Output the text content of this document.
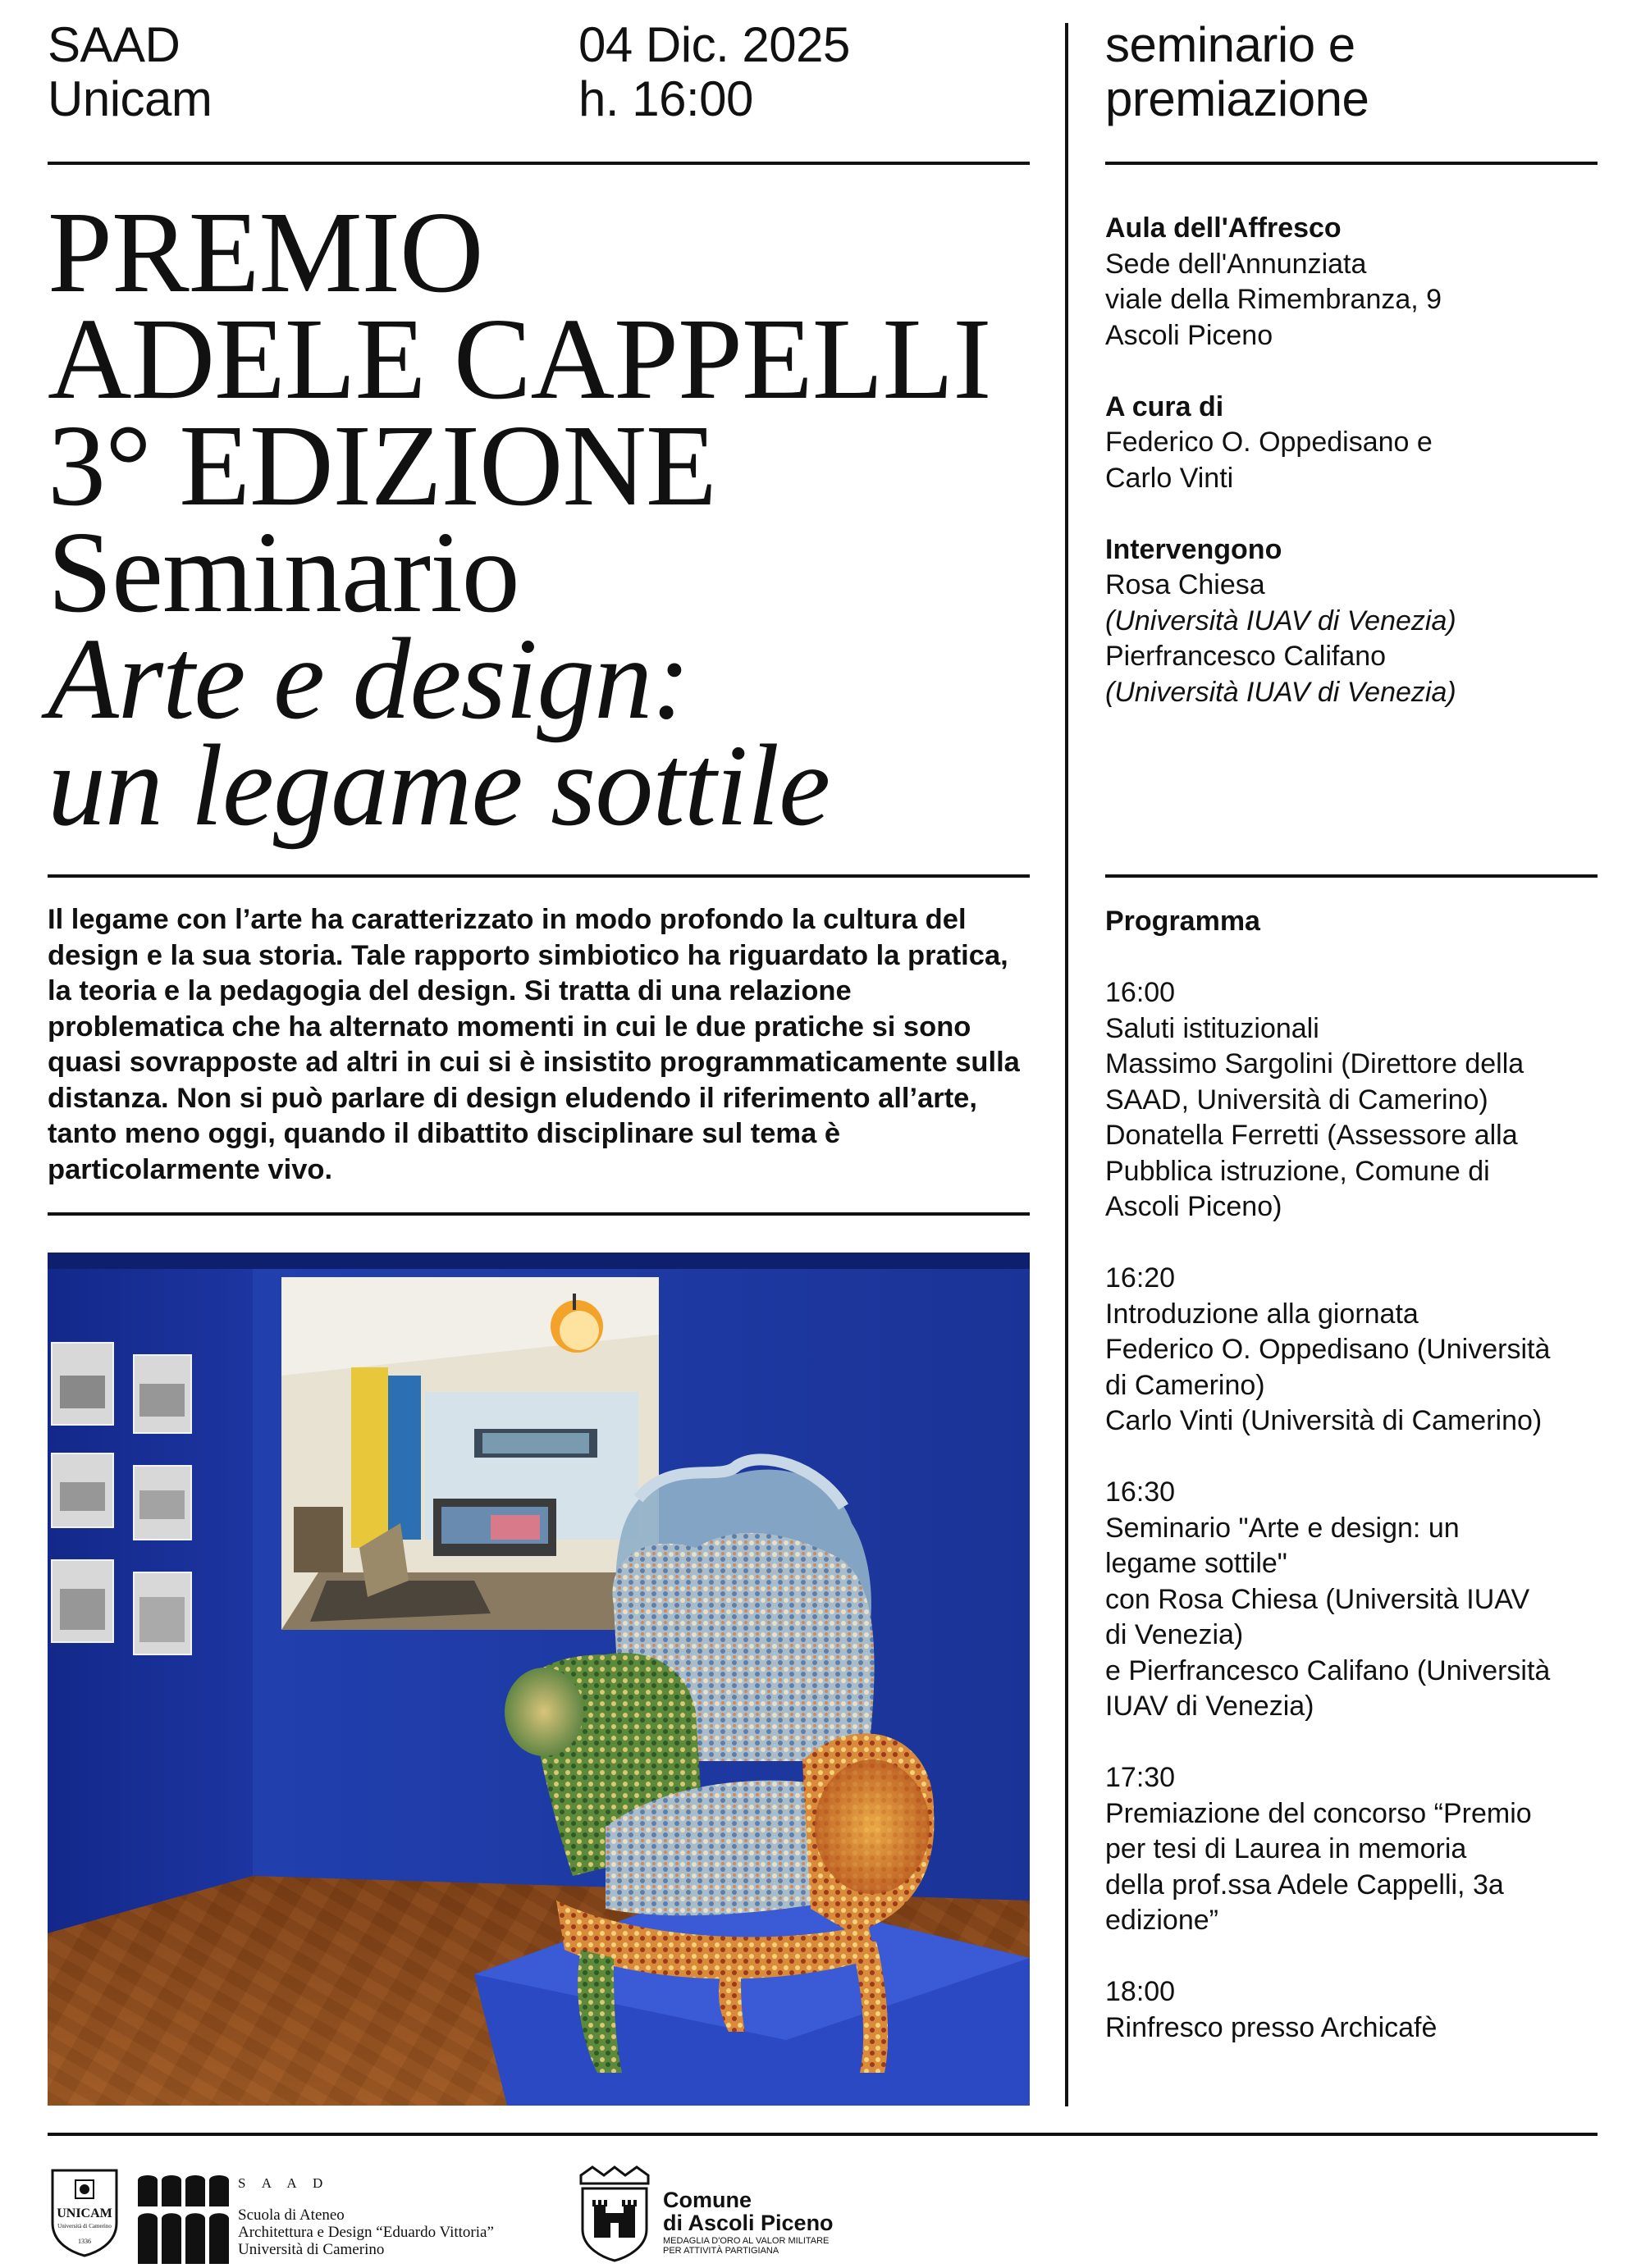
SAAD
Unicam
04 Dic. 2025
h. 16:00
seminario e
premiazione
PREMIO
ADELE CAPPELLI
3° EDIZIONE
Seminario
Arte e design:
un legame sottile
Il legame con l’arte ha caratterizzato in modo profondo la cultura del design e la sua storia. Tale rapporto simbiotico ha riguardato la pratica, la teoria e la pedagogia del design. Si tratta di una relazione problematica che ha alternato momenti in cui le due pratiche si sono quasi sovrapposte ad altri in cui si è insistito programmaticamente sulla distanza. Non si può parlare di design eludendo il riferimento all’arte, tanto meno oggi, quando il dibattito disciplinare sul tema è particolarmente vivo.

Aula dell'Affresco

Sede dell'Annunziata

viale della Rimembranza, 9

Ascoli Piceno

A cura di

Federico O. Oppedisano e

Carlo Vinti

Intervengono

Rosa Chiesa

(Università IUAV di Venezia)

Pierfrancesco Califano

(Università IUAV di Venezia)

Programma

16:00

Saluti istituzionali

Massimo Sargolini (Direttore della

SAAD, Università di Camerino)

Donatella Ferretti (Assessore alla

Pubblica istruzione, Comune di

Ascoli Piceno)

16:20

Introduzione alla giornata

Federico O. Oppedisano (Università

di Camerino)

Carlo Vinti (Università di Camerino)

16:30

Seminario "Arte e design: un

legame sottile"

con Rosa Chiesa (Università IUAV

di Venezia)

e Pierfrancesco Califano (Università

IUAV di Venezia)

17:30

Premiazione del concorso “Premio

per tesi di Laurea in memoria

della prof.ssa Adele Cappelli, 3a

edizione”

18:00

Rinfresco presso Archicafè

UNICAM
Università di Camerino
1336
S A A D
Scuola di Ateneo
Architettura e Design “Eduardo Vittoria”
Università di Camerino
Comune
di Ascoli Piceno
MEDAGLIA D'ORO AL VALOR MILITARE
PER ATTIVITÀ PARTIGIANA
